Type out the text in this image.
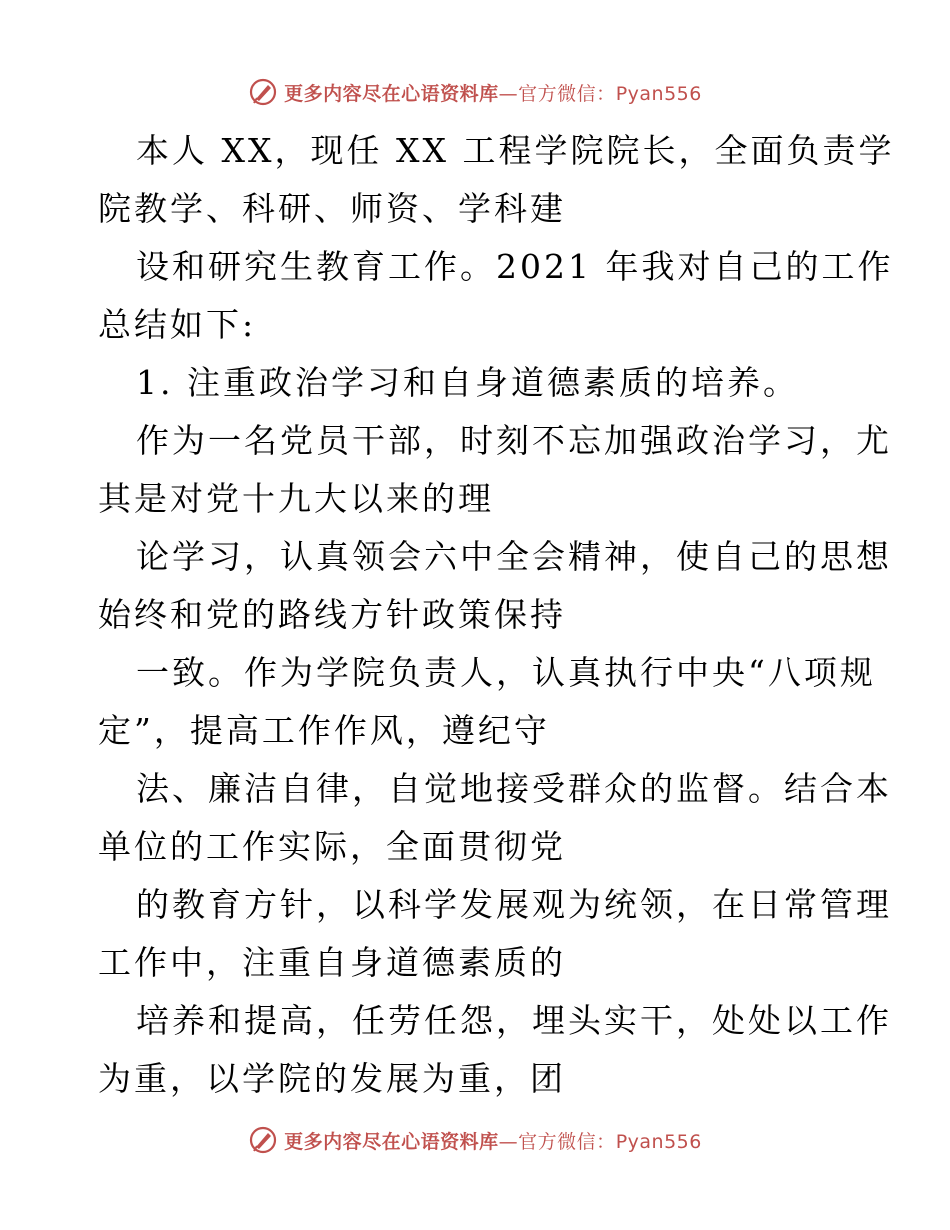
更多内容尽在心语资料库—官方微信：Pyan556
本人 XX，现任 XX 工程学院院长，全面负责学
院教学、科研、师资、学科建
设和研究生教育工作。2021 年我对自己的工作
总结如下:
1. 注重政治学习和自身道德素质的培养。
作为一名党员干部，时刻不忘加强政治学习，尤
其是对党十九大以来的理
论学习，认真领会六中全会精神，使自己的思想
始终和党的路线方针政策保持
一致。作为学院负责人，认真执行中央“八项规
定”，提高工作作风，遵纪守
法、廉洁自律，自觉地接受群众的监督。结合本
单位的工作实际，全面贯彻党
的教育方针，以科学发展观为统领，在日常管理
工作中，注重自身道德素质的
培养和提高，任劳任怨，埋头实干，处处以工作
为重，以学院的发展为重，团
更多内容尽在心语资料库—官方微信：Pyan556
